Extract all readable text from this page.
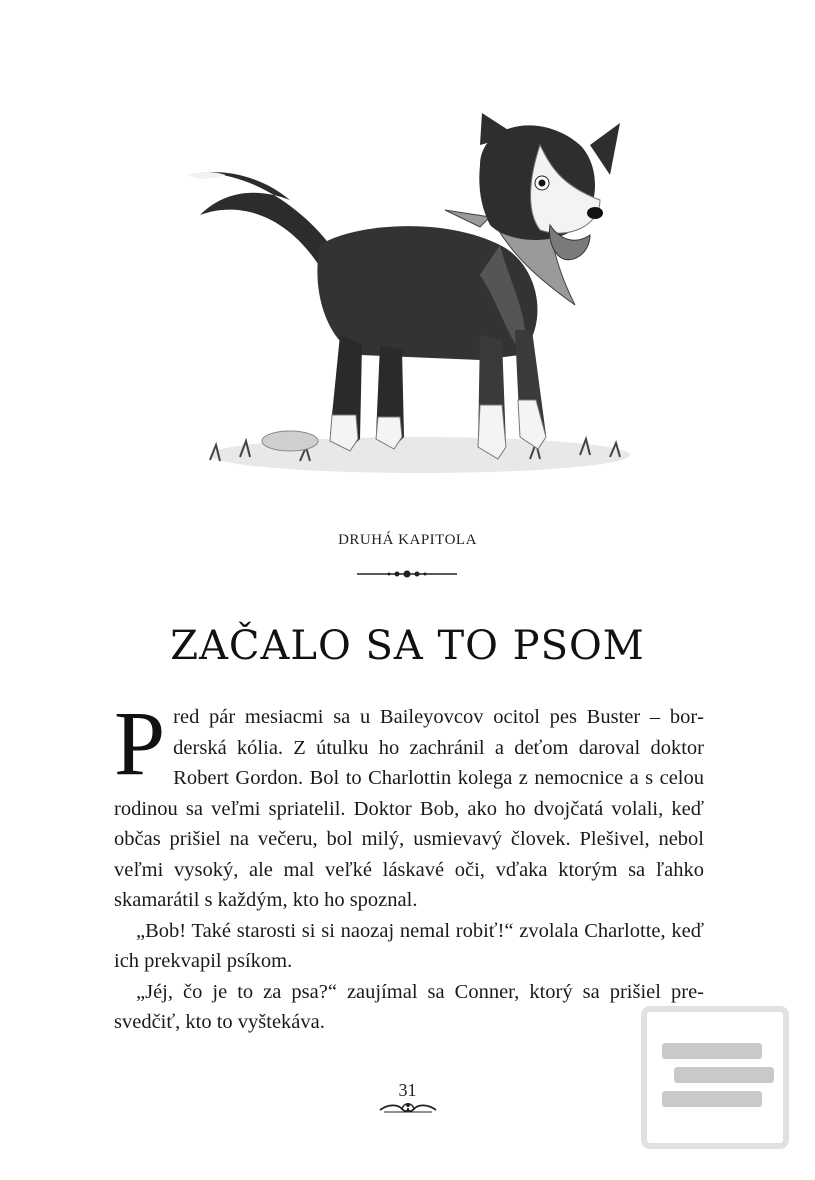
DRUHÁ KAPITOLA
ZAČALO SA TO PSOM

Pred pár mesiacmi sa u Baileyovcov ocitol pes Buster – borderská kólia. Z útulku ho zachránil a deťom daroval doktor Robert Gordon. Bol to Charlottin kolega z nemocnice a s celou rodinou sa veľmi spriatelil. Doktor Bob, ako ho dvojčatá volali, keď občas prišiel na večeru, bol milý, usmievavý človek. Plešivel, nebol veľmi vysoký, ale mal veľké láskavé oči, vďaka ktorým sa ľahko skamarátil s každým, kto ho spoznal.

„Bob! Také starosti si si naozaj nemal robiť!“ zvolala Charlotte, keď ich prekvapil psíkom.

„Jéj, čo je to za psa?“ zaujímal sa Conner, ktorý sa prišiel presvedčiť, kto to vyštekáva.

31
